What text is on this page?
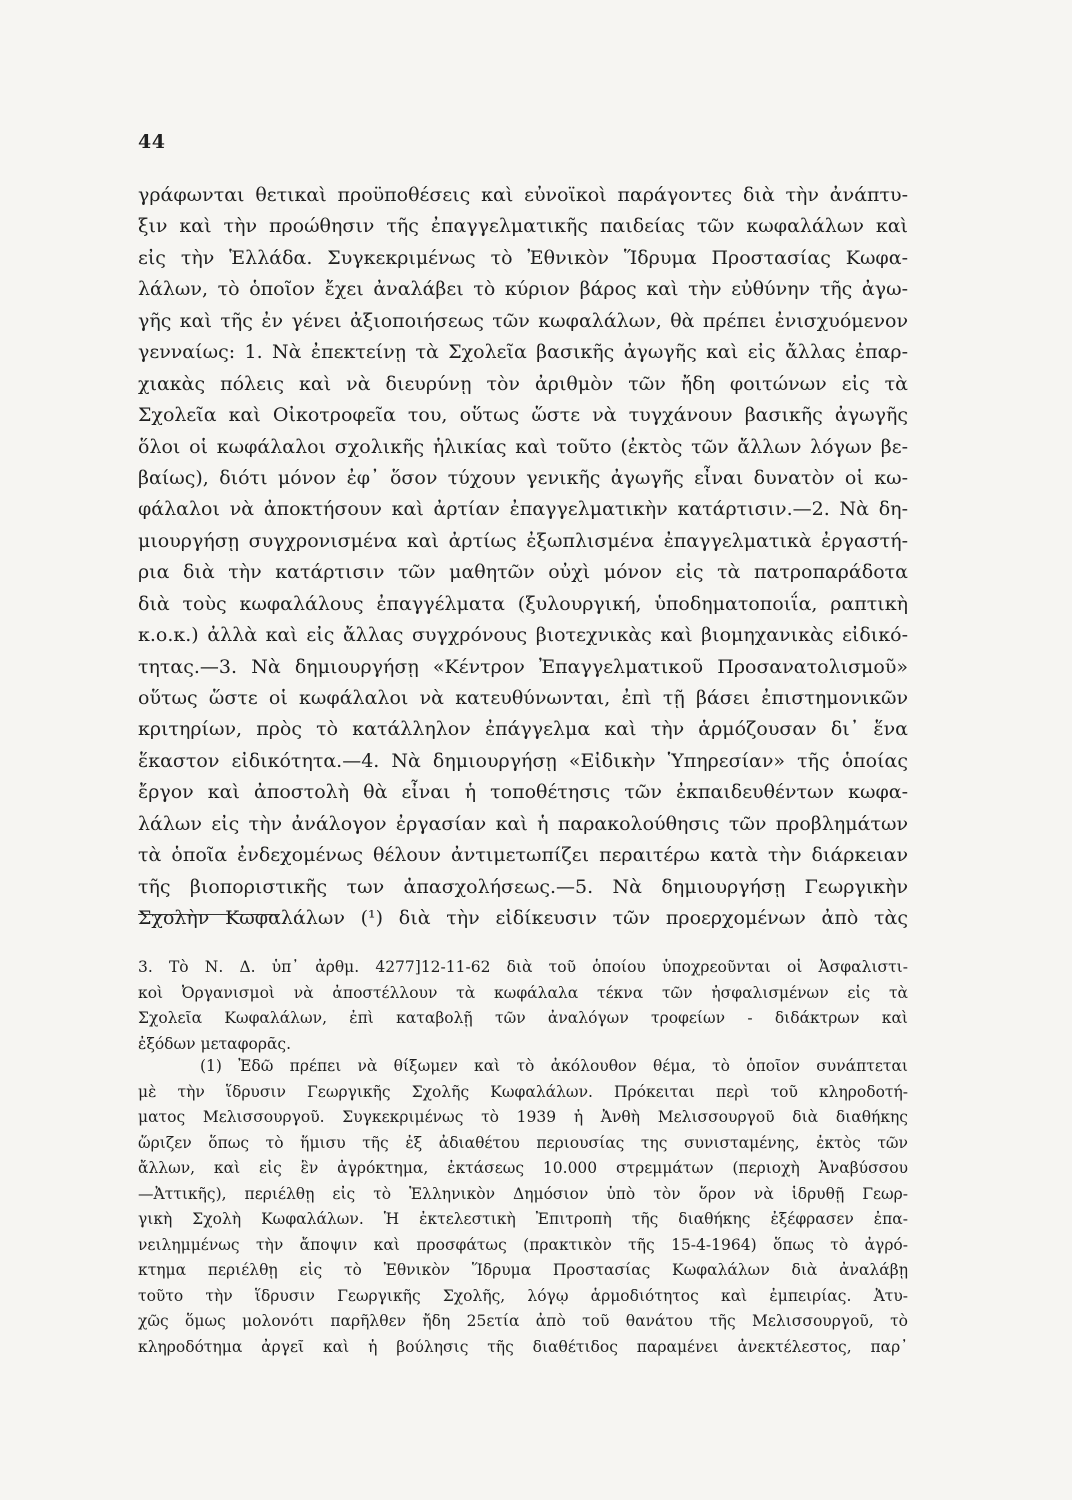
44
γράφωνται θετικαὶ προϋποθέσεις καὶ εὐνοϊκοὶ παράγοντες διὰ τὴν ἀνάπτυ-
ξιν καὶ τὴν προώθησιν τῆς ἐπαγγελματικῆς παιδείας τῶν κωφαλάλων καὶ
εἰς τὴν Ἑλλάδα. Συγκεκριμένως τὸ Ἐθνικὸν Ἵδρυμα Προστασίας Κωφα-
λάλων, τὸ ὁποῖον ἔχει ἀναλάβει τὸ κύριον βάρος καὶ τὴν εὐθύνην τῆς ἀγω-
γῆς καὶ τῆς ἐν γένει ἀξιοποιήσεως τῶν κωφαλάλων, θὰ πρέπει ἐνισχυόμενον
γενναίως: 1. Νὰ ἐπεκτείνῃ τὰ Σχολεῖα βασικῆς ἀγωγῆς καὶ εἰς ἄλλας ἐπαρ-
χιακὰς πόλεις καὶ νὰ διευρύνῃ τὸν ἀριθμὸν τῶν ἤδη φοιτώνων εἰς τὰ
Σχολεῖα καὶ Οἰκοτροφεῖα του, οὕτως ὥστε νὰ τυγχάνουν βασικῆς ἀγωγῆς
ὅλοι οἱ κωφάλαλοι σχολικῆς ἡλικίας καὶ τοῦτο (ἐκτὸς τῶν ἄλλων λόγων βε-
βαίως), διότι μόνον ἐφ᾽ ὅσον τύχουν γενικῆς ἀγωγῆς εἶναι δυνατὸν οἱ κω-
φάλαλοι νὰ ἀποκτήσουν καὶ ἀρτίαν ἐπαγγελματικὴν κατάρτισιν.—2. Νὰ δη-
μιουργήσῃ συγχρονισμένα καὶ ἀρτίως ἐξωπλισμένα ἐπαγγελματικὰ ἐργαστή-
ρια διὰ τὴν κατάρτισιν τῶν μαθητῶν οὐχὶ μόνον εἰς τὰ πατροπαράδοτα
διὰ τοὺς κωφαλάλους ἐπαγγέλματα (ξυλουργική, ὑποδηματοποιΐα, ραπτικὴ
κ.ο.κ.) ἀλλὰ καὶ εἰς ἄλλας συγχρόνους βιοτεχνικὰς καὶ βιομηχανικὰς εἰδικό-
τητας.—3. Νὰ δημιουργήσῃ «Κέντρον Ἐπαγγελματικοῦ Προσανατολισμοῦ»
οὕτως ὥστε οἱ κωφάλαλοι νὰ κατευθύνωνται, ἐπὶ τῇ βάσει ἐπιστημονικῶν
κριτηρίων, πρὸς τὸ κατάλληλον ἐπάγγελμα καὶ τὴν ἁρμόζουσαν δι᾽ ἕνα
ἕκαστον εἰδικότητα.—4. Νὰ δημιουργήσῃ «Εἰδικὴν Ὑπηρεσίαν» τῆς ὁποίας
ἔργον καὶ ἀποστολὴ θὰ εἶναι ἡ τοποθέτησις τῶν ἐκπαιδευθέντων κωφα-
λάλων εἰς τὴν ἀνάλογον ἐργασίαν καὶ ἡ παρακολούθησις τῶν προβλημάτων
τὰ ὁποῖα ἐνδεχομένως θέλουν ἀντιμετωπίζει περαιτέρω κατὰ τὴν διάρκειαν
τῆς βιοποριστικῆς των ἀπασχολήσεως.—5. Νὰ δημιουργήσῃ Γεωργικὴν
Σχολὴν Κωφαλάλων (¹) διὰ τὴν εἰδίκευσιν τῶν προερχομένων ἀπὸ τὰς
3. Τὸ Ν. Δ. ὑπ᾽ ἀρθμ. 4277]12-11-62 διὰ τοῦ ὁποίου ὑποχρεοῦνται οἱ Ἀσφαλιστι-
κοὶ Ὀργανισμοὶ νὰ ἀποστέλλουν τὰ κωφάλαλα τέκνα τῶν ἠσφαλισμένων εἰς τὰ
Σχολεῖα Κωφαλάλων, ἐπὶ καταβολῇ τῶν ἀναλόγων τροφείων - διδάκτρων καὶ
ἐξόδων μεταφορᾶς.
(1) Ἐδῶ πρέπει νὰ θίξωμεν καὶ τὸ ἀκόλουθον θέμα, τὸ ὁποῖον συνάπτεται
μὲ τὴν ἵδρυσιν Γεωργικῆς Σχολῆς Κωφαλάλων. Πρόκειται περὶ τοῦ κληροδοτή-
ματος Μελισσουργοῦ. Συγκεκριμένως τὸ 1939 ἡ Ἀνθὴ Μελισσουργοῦ διὰ διαθήκης
ὥριζεν ὅπως τὸ ἥμισυ τῆς ἐξ ἀδιαθέτου περιουσίας της συνισταμένης, ἐκτὸς τῶν
ἄλλων, καὶ εἰς ἓν ἀγρόκτημα, ἐκτάσεως 10.000 στρεμμάτων (περιοχὴ Ἀναβύσσου
—Ἀττικῆς), περιέλθῃ εἰς τὸ Ἑλληνικὸν Δημόσιον ὑπὸ τὸν ὅρον νὰ ἱδρυθῇ Γεωρ-
γικὴ Σχολὴ Κωφαλάλων. Ἡ ἐκτελεστικὴ Ἐπιτροπὴ τῆς διαθήκης ἐξέφρασεν ἐπα-
νειλημμένως τὴν ἄποψιν καὶ προσφάτως (πρακτικὸν τῆς 15-4-1964) ὅπως τὸ ἀγρό-
κτημα περιέλθῃ εἰς τὸ Ἐθνικὸν Ἵδρυμα Προστασίας Κωφαλάλων διὰ ἀναλάβῃ
τοῦτο τὴν ἵδρυσιν Γεωργικῆς Σχολῆς, λόγῳ ἁρμοδιότητος καὶ ἐμπειρίας. Ἀτυ-
χῶς ὅμως μολονότι παρῆλθεν ἤδη 25ετία ἀπὸ τοῦ θανάτου τῆς Μελισσουργοῦ, τὸ
κληροδότημα ἀργεῖ καὶ ἡ βούλησις τῆς διαθέτιδος παραμένει ἀνεκτέλεστος, παρ᾽
